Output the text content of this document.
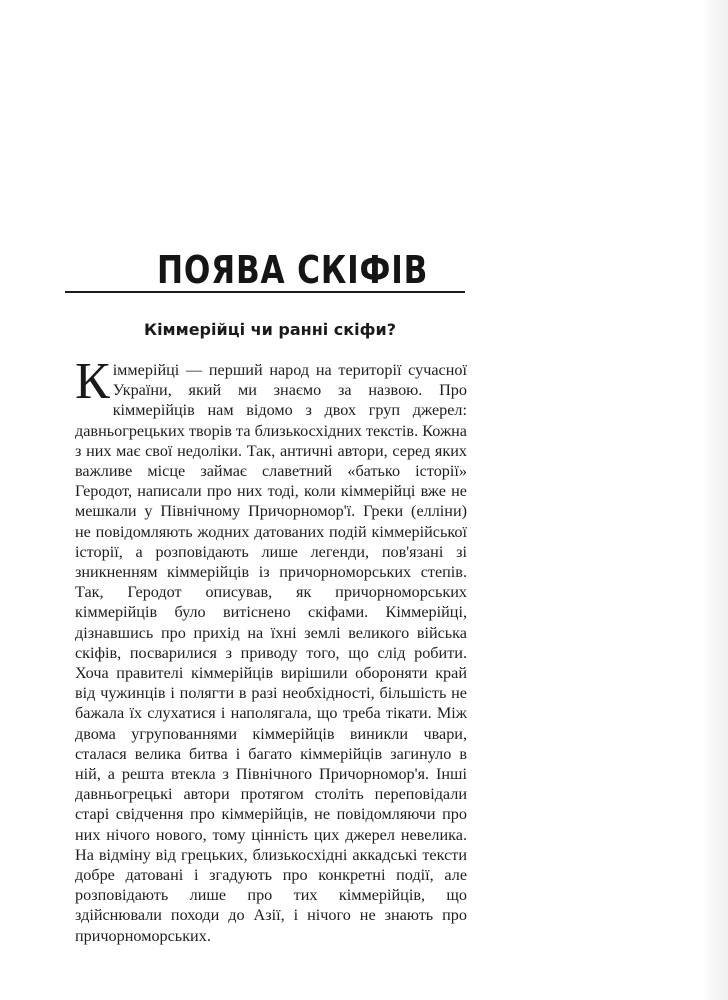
ПОЯВА СКІФІВ
Кіммерійці чи ранні скіфи?

Кіммерійці — перший народ на території сучасної України, який ми знаємо за назвою. Про кіммерійців нам відомо з двох груп джерел: давньогрецьких творів та близькосхідних текстів. Кожна з них має свої недоліки. Так, античні автори, серед яких важливе місце займає славетний «батько історії» Геродот, написали про них тоді, коли кіммерійці вже не мешкали у Північному Причорномор'ї. Греки (елліни) не повідомляють жодних датованих подій кіммерійської історії, а розповідають лише легенди, пов'язані зі зникненням кіммерійців із причорноморських степів. Так, Геродот описував, як причорноморських кіммерійців було витіснено скіфами. Кіммерійці, дізнавшись про прихід на їхні землі великого війська скіфів, посварилися з приводу того, що слід робити. Хоча правителі кіммерійців вирішили обороняти край від чужинців і полягти в разі необхідності, більшість не бажала їх слухатися і наполягала, що треба тікати. Між двома угрупованнями кіммерійців виникли чвари, сталася велика битва і багато кіммерійців загинуло в ній, а решта втекла з Північного Причорномор'я. Інші давньогрецькі автори протягом століть переповідали старі свідчення про кіммерійців, не повідомляючи про них нічого нового, тому цінність цих джерел невелика. На відміну від грецьких, близькосхідні аккадські тексти добре датовані і згадують про конкретні події, але розповідають лише про тих кіммерійців, що здійснювали походи до Азії, і нічого не знають про причорноморських.
